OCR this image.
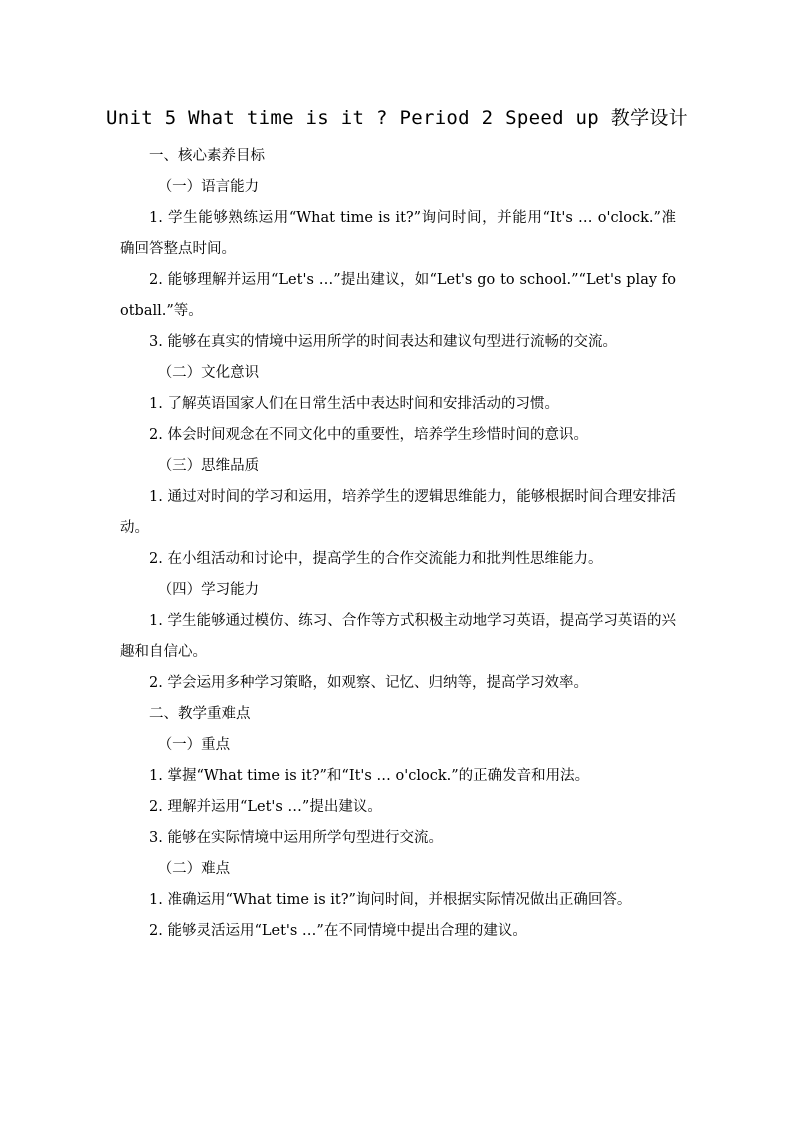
Unit 5 What time is it ? Period 2 Speed up 教学设计

一、核心素养目标

（一）语言能力

1. 学生能够熟练运用“What time is it?”询问时间，并能用“It's … o'clock.”准确回答整点时间。

2. 能够理解并运用“Let's …”提出建议，如“Let's go to school.”“Let's play football.”等。

3. 能够在真实的情境中运用所学的时间表达和建议句型进行流畅的交流。

（二）文化意识

1. 了解英语国家人们在日常生活中表达时间和安排活动的习惯。

2. 体会时间观念在不同文化中的重要性，培养学生珍惜时间的意识。

（三）思维品质

1. 通过对时间的学习和运用，培养学生的逻辑思维能力，能够根据时间合理安排活动。

2. 在小组活动和讨论中，提高学生的合作交流能力和批判性思维能力。

（四）学习能力

1. 学生能够通过模仿、练习、合作等方式积极主动地学习英语，提高学习英语的兴趣和自信心。

2. 学会运用多种学习策略，如观察、记忆、归纳等，提高学习效率。

二、教学重难点

（一）重点

1. 掌握“What time is it?”和“It's … o'clock.”的正确发音和用法。

2. 理解并运用“Let's …”提出建议。

3. 能够在实际情境中运用所学句型进行交流。

（二）难点

1. 准确运用“What time is it?”询问时间，并根据实际情况做出正确回答。

2. 能够灵活运用“Let's …”在不同情境中提出合理的建议。
